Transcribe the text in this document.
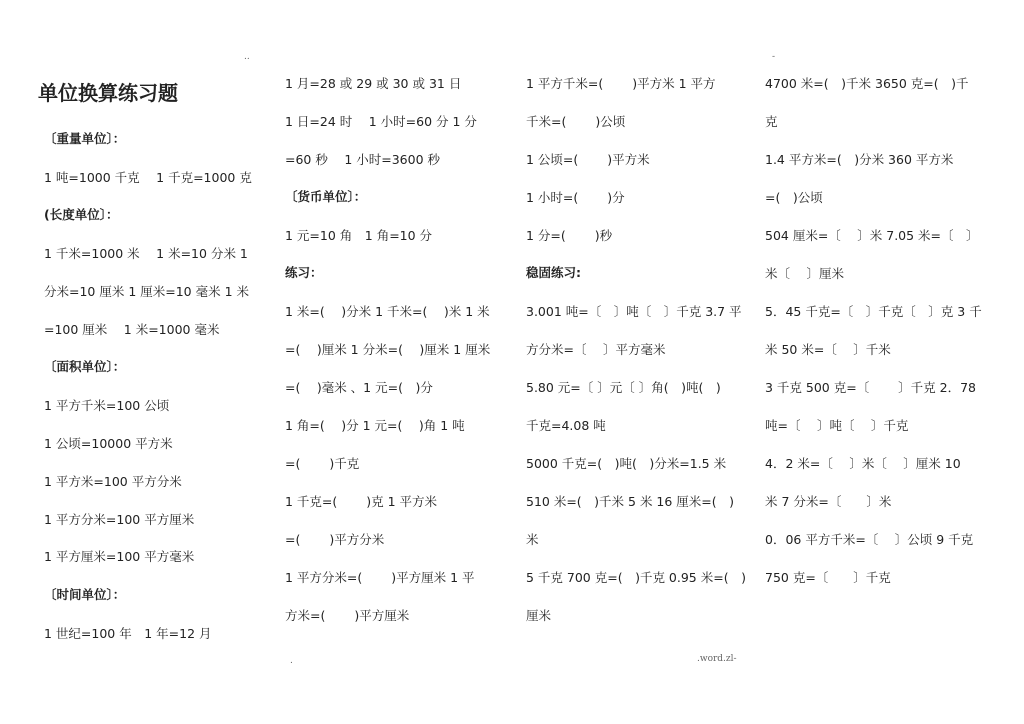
..	-
单位换算练习题
〔重量单位〕：
1 吨=1000 千克　 1 千克=1000 克
(长度单位〕：
1 千米=1000 米　 1 米=10 分米 1
分米=10 厘米 1 厘米=10 毫米 1 米
=100 厘米　 1 米=1000 毫米
〔面积单位〕：
1 平方千米=100 公顷
1 公顷=10000 平方米
1 平方米=100 平方分米
1 平方分米=100 平方厘米
1 平方厘米=100 平方毫米
〔时间单位〕：
1 世纪=100 年　1 年=12 月
1 月=28 或 29 或 30 或 31 日
1 日=24 时　 1 小时=60 分 1 分
=60 秒　 1 小时=3600 秒
〔货币单位〕：
1 元=10 角　1 角=10 分
练习：
1 米=(　 )分米 1 千米=(　 )米 1 米
=(　 )厘米 1 分米=(　 )厘米 1 厘米
=(　 )毫米 、1 元=(　)分
1 角=(　 )分 1 元=(　 )角 1 吨
=(　　 )千克
1 千克=(　　 )克 1 平方米
=(　　 )平方分米
1 平方分米=(　　 )平方厘米 1 平
方米=(　　 )平方厘米
1 平方千米=(　　 )平方米 1 平方
千米=(　　 )公顷
1 公顷=(　　 )平方米
1 小时=(　　 )分
1 分=(　　 )秒
稳固练习:
3.001 吨=〔　〕吨〔　〕千克 3.7 平
方分米=〔　 〕平方毫米
5.80 元=〔 〕元〔 〕角(　)吨(　)
千克=4.08 吨
5000 千克=(　)吨(　)分米=1.5 米
510 米=(　)千米 5 米 16 厘米=(　)
米
5 千克 700 克=(　)千克 0.95 米=(　)
厘米
4700 米=(　)千米 3650 克=(　)千
克
1.4 平方米=(　)分米 360 平方米
=(　)公顷
504 厘米=〔　 〕米 7.05 米=〔　〕
米〔　 〕厘米
5．45 千克=〔　〕千克〔　〕克 3 千
米 50 米=〔　 〕千米
3 千克 500 克=〔　　 〕千克 2．78
吨=〔　 〕吨〔　 〕千克
4．2 米=〔　 〕米〔　 〕厘米 10
米 7 分米=〔　　〕米
0．06 平方千米=〔　 〕公顷 9 千克
750 克=〔　　〕千克
.	.word.zl-
